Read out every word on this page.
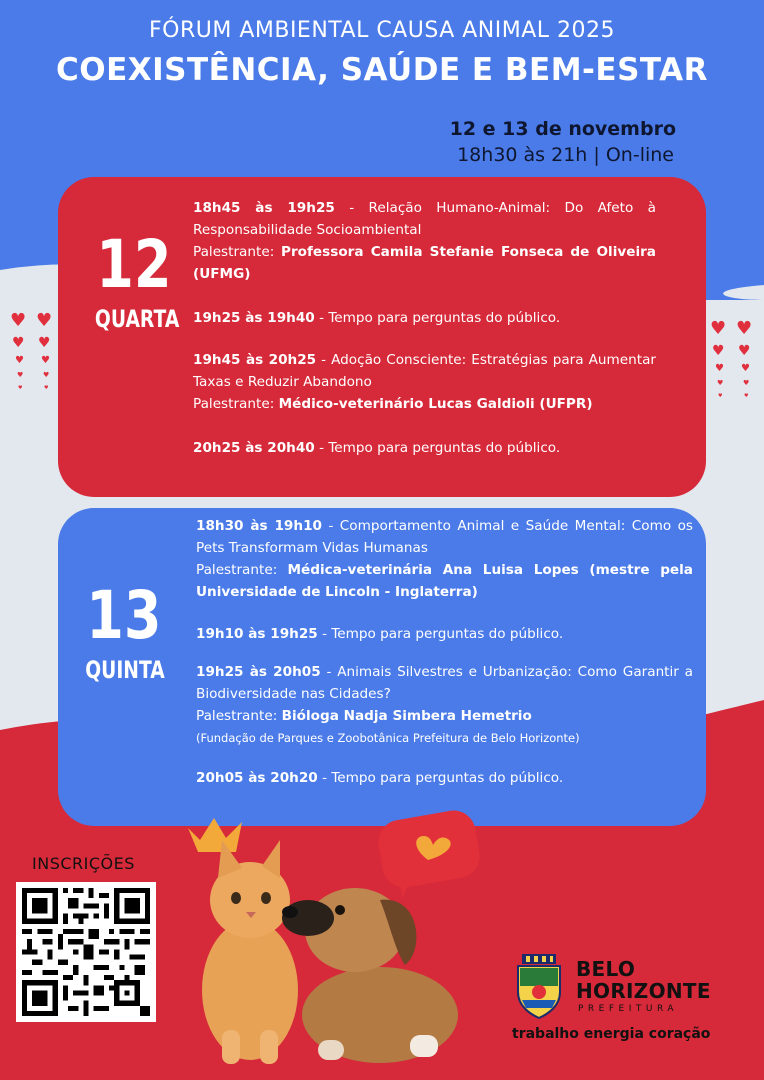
♥ ♥
♥ ♥
♥ ♥
♥	♥
♥	♥
♥ ♥
♥ ♥
♥ ♥
♥	♥
♥	♥
FÓRUM AMBIENTAL CAUSA ANIMAL 2025
COEXISTÊNCIA, SAÚDE E BEM-ESTAR
12 e 13 de novembro
18h30 às 21h | On-line
12
QUARTA
18h45 às 19h25 - Relação Humano-Animal: Do Afeto à Responsabilidade Socioambiental
Palestrante: Professora Camila Stefanie Fonseca de Oliveira (UFMG)
19h25 às 19h40 - Tempo para perguntas do público.
19h45 às 20h25 - Adoção Consciente: Estratégias para Aumentar Taxas e Reduzir Abandono
Palestrante: Médico-veterinário Lucas Galdioli (UFPR)
20h25 às 20h40 - Tempo para perguntas do público.
13
QUINTA
18h30 às 19h10 - Comportamento Animal e Saúde Mental: Como os Pets Transformam Vidas Humanas
Palestrante: Médica-veterinária Ana Luisa Lopes (mestre pela Universidade de Lincoln - Inglaterra)
19h10 às 19h25 - Tempo para perguntas do público.
19h25 às 20h05 - Animais Silvestres e Urbanização: Como Garantir a Biodiversidade nas Cidades?
Palestrante: Bióloga Nadja Simbera Hemetrio
(Fundação de Parques e Zoobotânica Prefeitura de Belo Horizonte)
20h05 às 20h20 - Tempo para perguntas do público.
INSCRIÇÕES
BELO
HORIZONTE
PREFEITURA
trabalho energia coração
